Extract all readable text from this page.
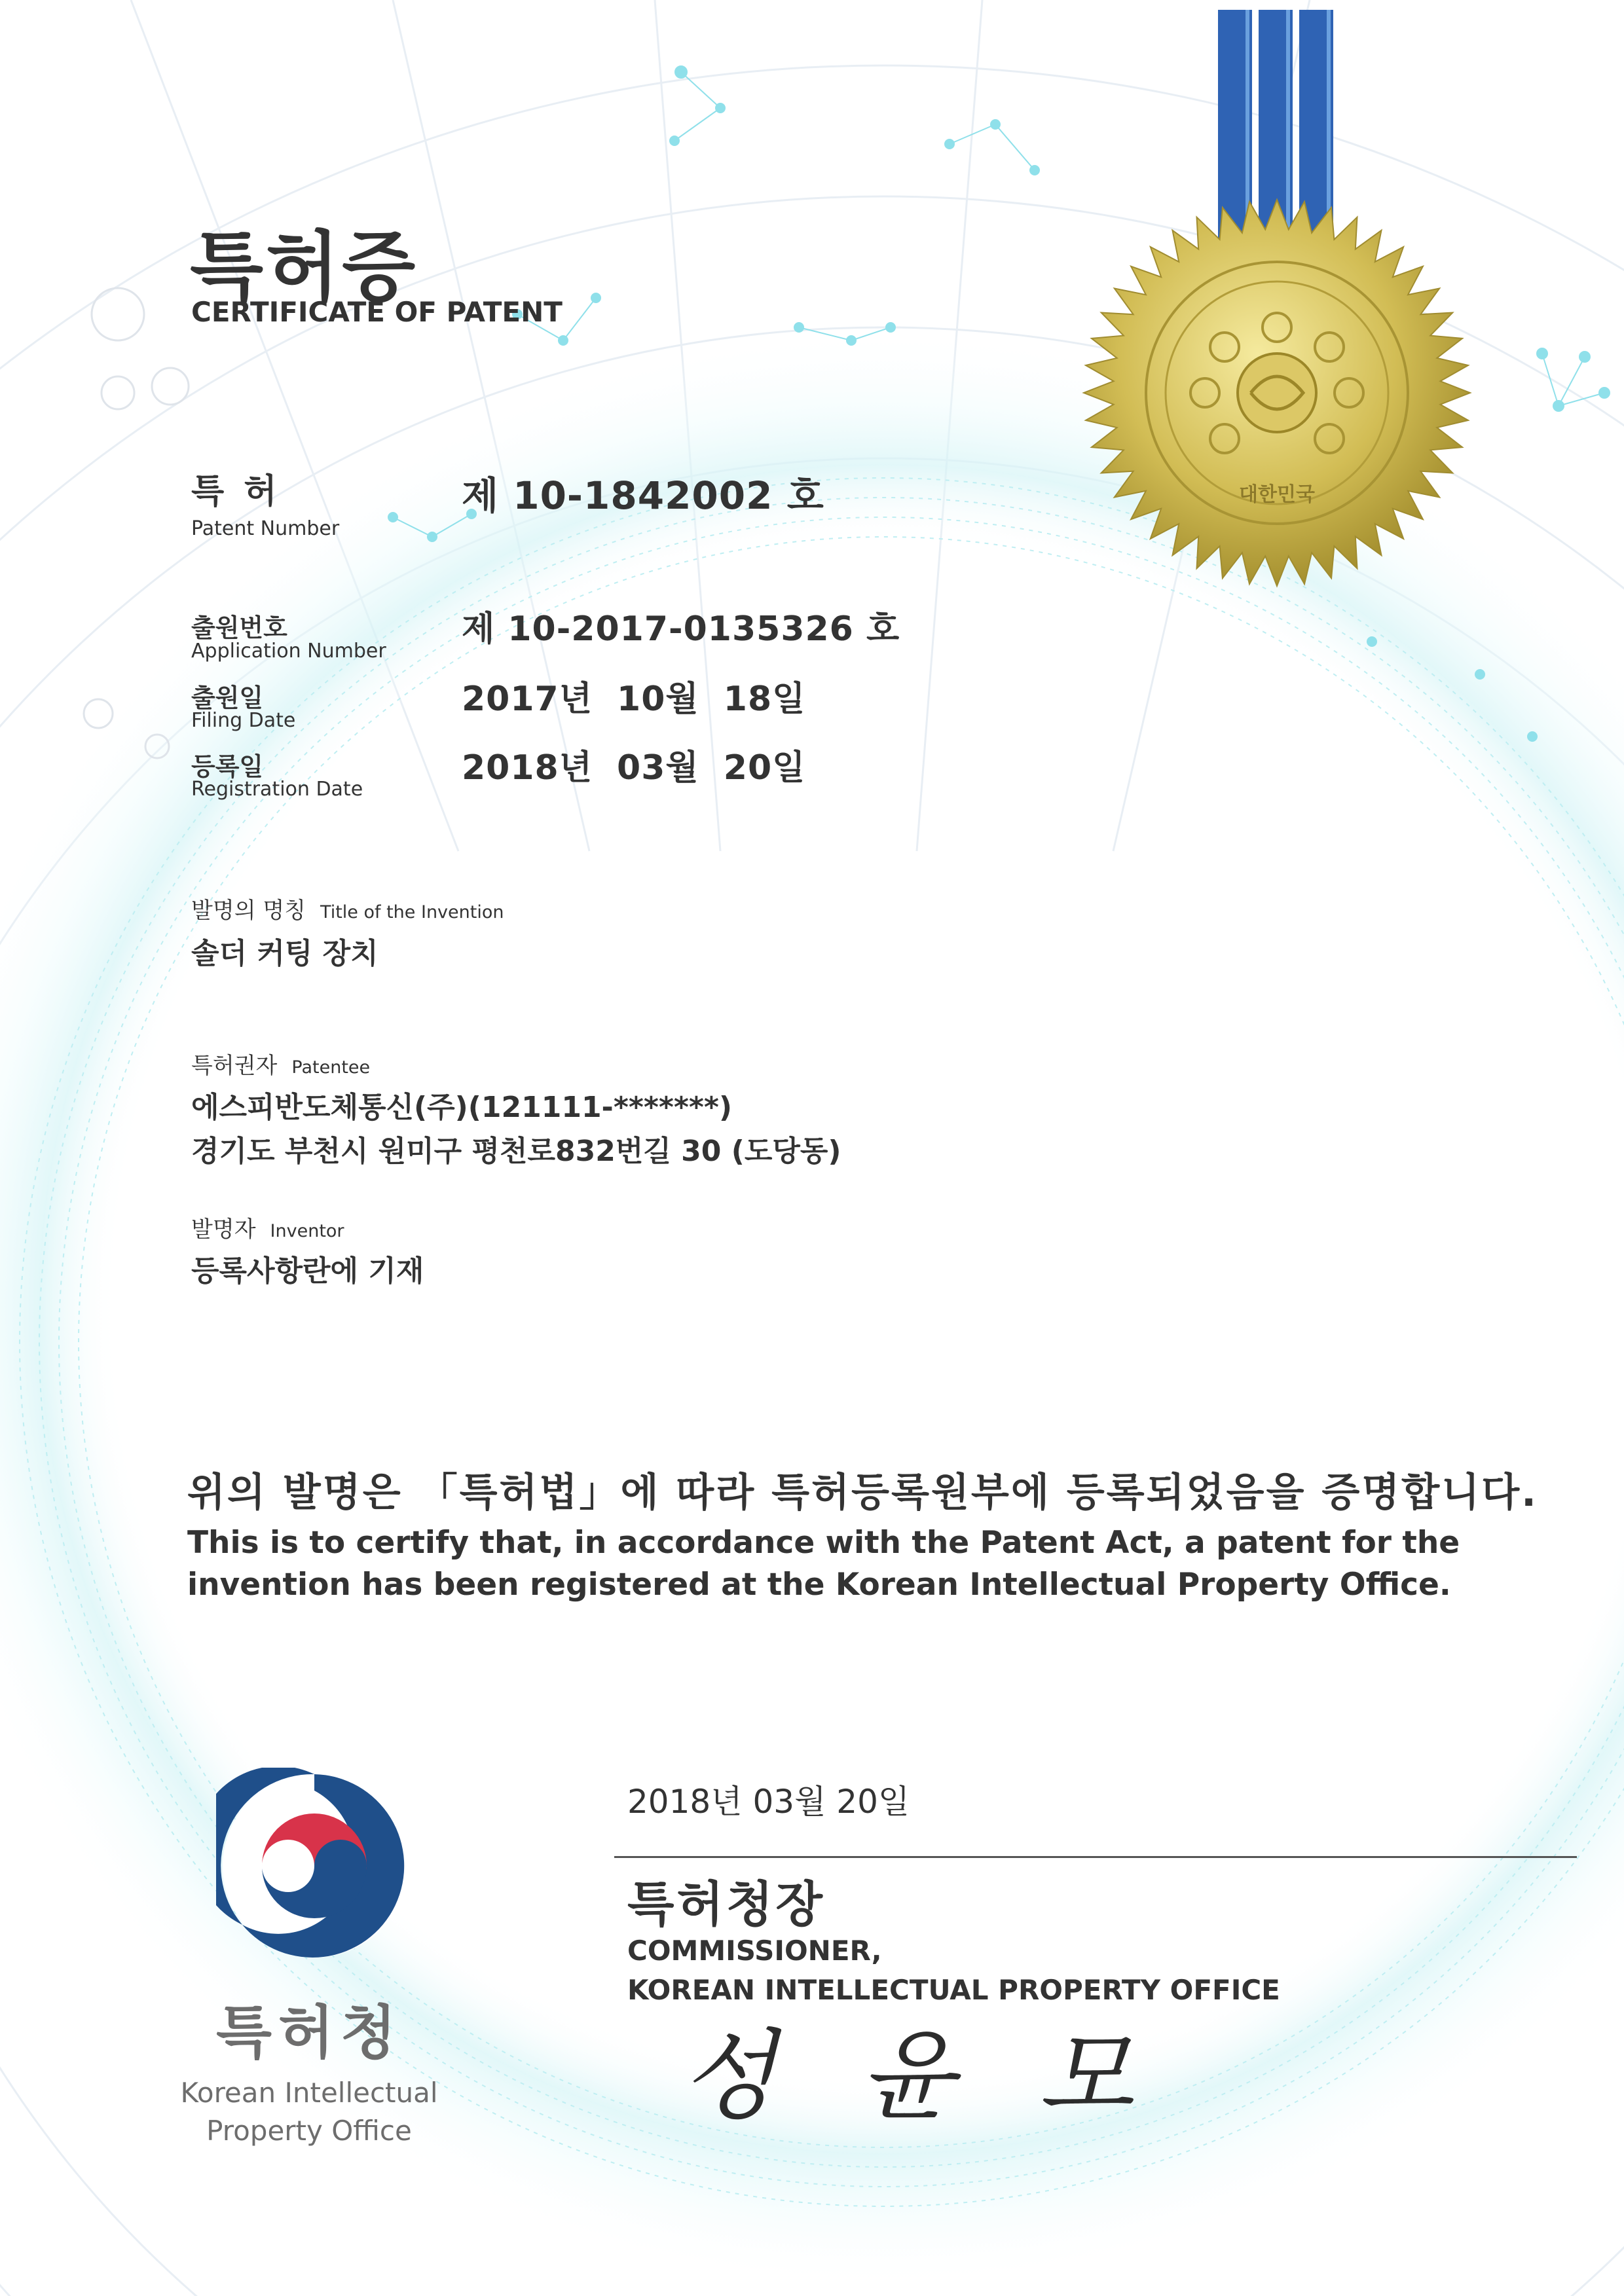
대한민국
특허증
CERTIFICATE OF PATENT
특 허
Patent Number
제 10-1842002 호
출원번호
Application Number
제 10-2017-0135326 호
출원일
Filing Date
2017년 10월 18일
등록일
Registration Date
2018년 03월 20일
발명의 명칭 Title of the Invention
솔더 커팅 장치
특허권자 Patentee
에스피반도체통신(주)(121111-*******)
경기도 부천시 원미구 평천로832번길 30 (도당동)
발명자 Inventor
등록사항란에 기재
위의 발명은 「특허법」에 따라 특허등록원부에 등록되었음을 증명합니다.
This is to certify that, in accordance with the Patent Act, a patent for the invention has been registered at the Korean Intellectual Property Office.
2018년 03월 20일
특허청장
COMMISSIONER,
KOREAN INTELLECTUAL PROPERTY OFFICE
성 윤 모
특허청
Korean Intellectual
Property Office
